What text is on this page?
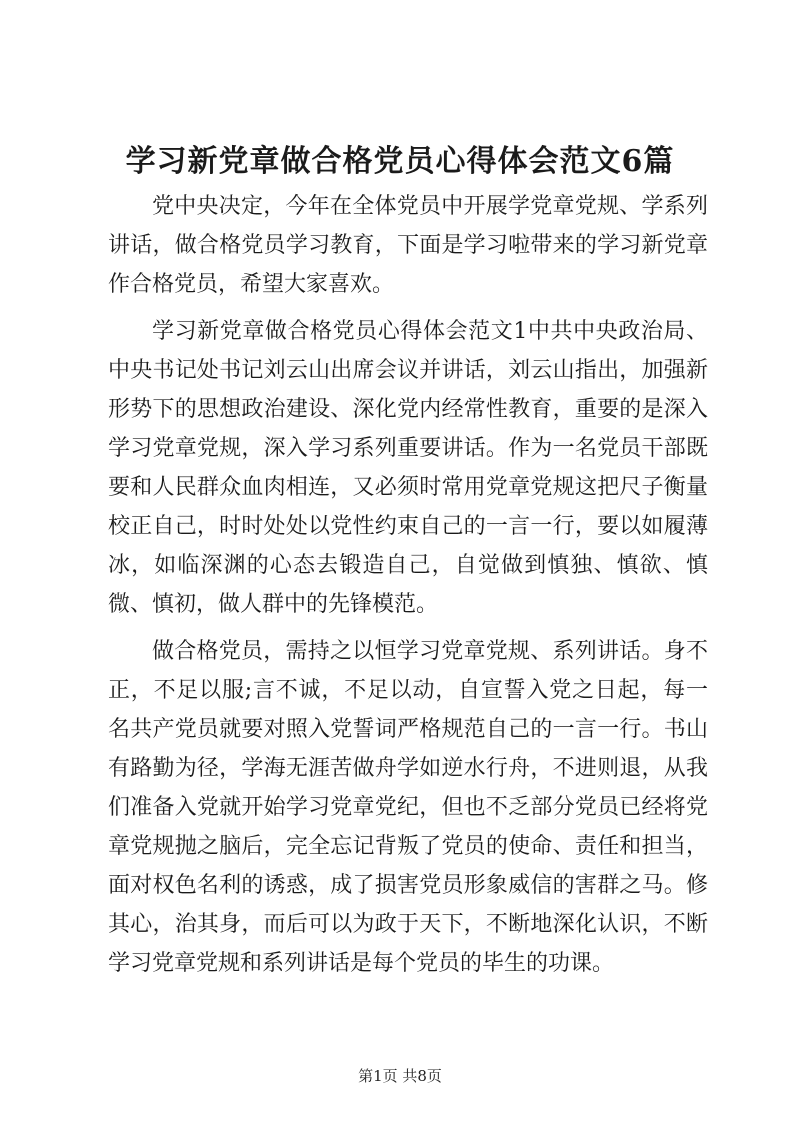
学习新党章做合格党员心得体会范文6篇

党中央决定，今年在全体党员中开展学党章党规、学系列讲话，做合格党员学习教育，下面是学习啦带来的学习新党章作合格党员，希望大家喜欢。

学习新党章做合格党员心得体会范文1中共中央政治局、中央书记处书记刘云山出席会议并讲话，刘云山指出，加强新形势下的思想政治建设、深化党内经常性教育，重要的是深入学习党章党规，深入学习系列重要讲话。作为一名党员干部既要和人民群众血肉相连，又必须时常用党章党规这把尺子衡量校正自己，时时处处以党性约束自己的一言一行，要以如履薄冰，如临深渊的心态去锻造自己，自觉做到慎独、慎欲、慎微、慎初，做人群中的先锋模范。

做合格党员，需持之以恒学习党章党规、系列讲话。身不正，不足以服;言不诚，不足以动，自宣誓入党之日起，每一名共产党员就要对照入党誓词严格规范自己的一言一行。书山有路勤为径，学海无涯苦做舟学如逆水行舟，不进则退，从我们准备入党就开始学习党章党纪，但也不乏部分党员已经将党章党规抛之脑后，完全忘记背叛了党员的使命、责任和担当，面对权色名利的诱惑，成了损害党员形象威信的害群之马。修其心，治其身，而后可以为政于天下，不断地深化认识，不断学习党章党规和系列讲话是每个党员的毕生的功课。

第1页 共8页
